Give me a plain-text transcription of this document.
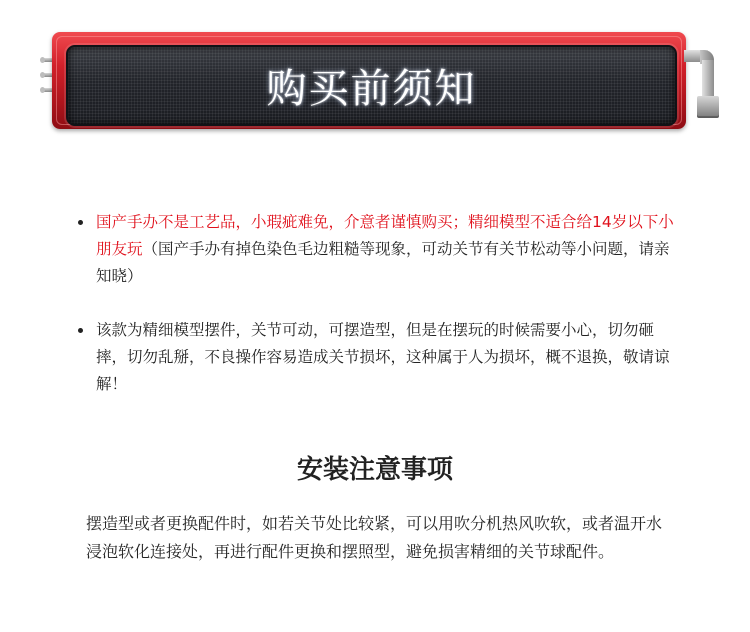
购买前须知
国产手办不是工艺品，小瑕疵难免，介意者谨慎购买；精细模型不适合给14岁以下小朋友玩（国产手办有掉色染色毛边粗糙等现象，可动关节有关节松动等小问题，请亲知晓）
该款为精细模型摆件，关节可动，可摆造型，但是在摆玩的时候需要小心，切勿砸摔，切勿乱掰，不良操作容易造成关节损坏，这种属于人为损坏，概不退换，敬请谅解！
安装注意事项

摆造型或者更换配件时，如若关节处比较紧，可以用吹分机热风吹软，或者温开水浸泡软化连接处，再进行配件更换和摆照型，避免损害精细的关节球配件。
